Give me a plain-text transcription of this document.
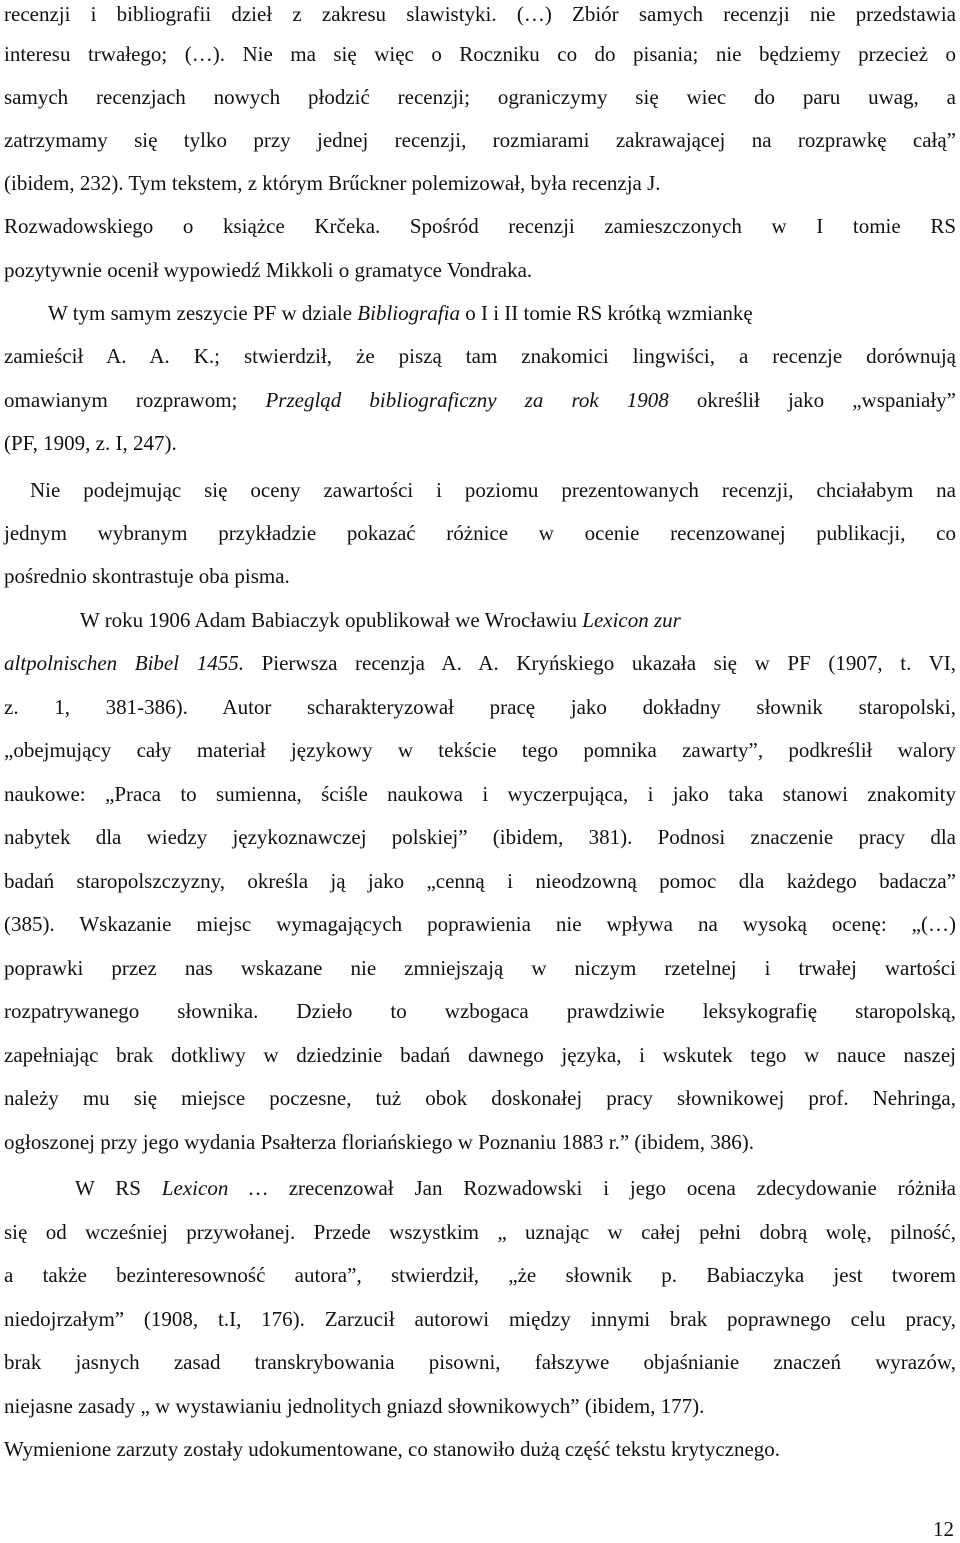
recenzji i bibliografii dzieł z zakresu slawistyki. (…) Zbiór samych recenzji nie przedstawia
interesu trwałego; (…). Nie ma się więc o Roczniku co do pisania; nie będziemy przecież o
samych recenzjach nowych płodzić recenzji; ograniczymy się wiec do paru uwag, a
zatrzymamy się tylko przy jednej recenzji, rozmiarami zakrawającej na rozprawkę całą”
(ibidem, 232). Tym tekstem, z którym Brűckner polemizował, była recenzja J.
Rozwadowskiego o książce Krčeka. Spośród recenzji zamieszczonych w I tomie RS
pozytywnie ocenił wypowiedź Mikkoli o gramatyce Vondraka.
W tym samym zeszycie PF w dziale Bibliografia o I i II tomie RS krótką wzmiankę
zamieścił A. A. K.; stwierdził, że piszą tam znakomici lingwiści, a recenzje dorównują
omawianym rozprawom; Przegląd bibliograficzny za rok 1908 określił jako „wspaniały”
(PF, 1909, z. I, 247).
Nie podejmując się oceny zawartości i poziomu prezentowanych recenzji, chciałabym na
jednym wybranym przykładzie pokazać różnice w ocenie recenzowanej publikacji, co
pośrednio skontrastuje oba pisma.
W roku 1906 Adam Babiaczyk opublikował we Wrocławiu Lexicon zur
altpolnischen Bibel 1455. Pierwsza recenzja A. A. Kryńskiego ukazała się w PF (1907, t. VI,
z. 1, 381-386). Autor scharakteryzował pracę jako dokładny słownik staropolski,
„obejmujący cały materiał językowy w tekście tego pomnika zawarty”, podkreślił walory
naukowe: „Praca to sumienna, ściśle naukowa i wyczerpująca, i jako taka stanowi znakomity
nabytek dla wiedzy językoznawczej polskiej” (ibidem, 381). Podnosi znaczenie pracy dla
badań staropolszczyzny, określa ją jako „cenną i nieodzowną pomoc dla każdego badacza”
(385). Wskazanie miejsc wymagających poprawienia nie wpływa na wysoką ocenę: „(…)
poprawki przez nas wskazane nie zmniejszają w niczym rzetelnej i trwałej wartości
rozpatrywanego słownika. Dzieło to wzbogaca prawdziwie leksykografię staropolską,
zapełniając brak dotkliwy w dziedzinie badań dawnego języka, i wskutek tego w nauce naszej
należy mu się miejsce poczesne, tuż obok doskonałej pracy słownikowej prof. Nehringa,
ogłoszonej przy jego wydania Psałterza floriańskiego w Poznaniu 1883 r.” (ibidem, 386).
W RS Lexicon … zrecenzował Jan Rozwadowski i jego ocena zdecydowanie różniła
się od wcześniej przywołanej. Przede wszystkim „ uznając w całej pełni dobrą wolę, pilność,
a także bezinteresowność autora”, stwierdził, „że słownik p. Babiaczyka jest tworem
niedojrzałym” (1908, t.I, 176). Zarzucił autorowi między innymi brak poprawnego celu pracy,
brak jasnych zasad transkrybowania pisowni, fałszywe objaśnianie znaczeń wyrazów,
niejasne zasady „ w wystawianiu jednolitych gniazd słownikowych” (ibidem, 177).
Wymienione zarzuty zostały udokumentowane, co stanowiło dużą część tekstu krytycznego.
12
